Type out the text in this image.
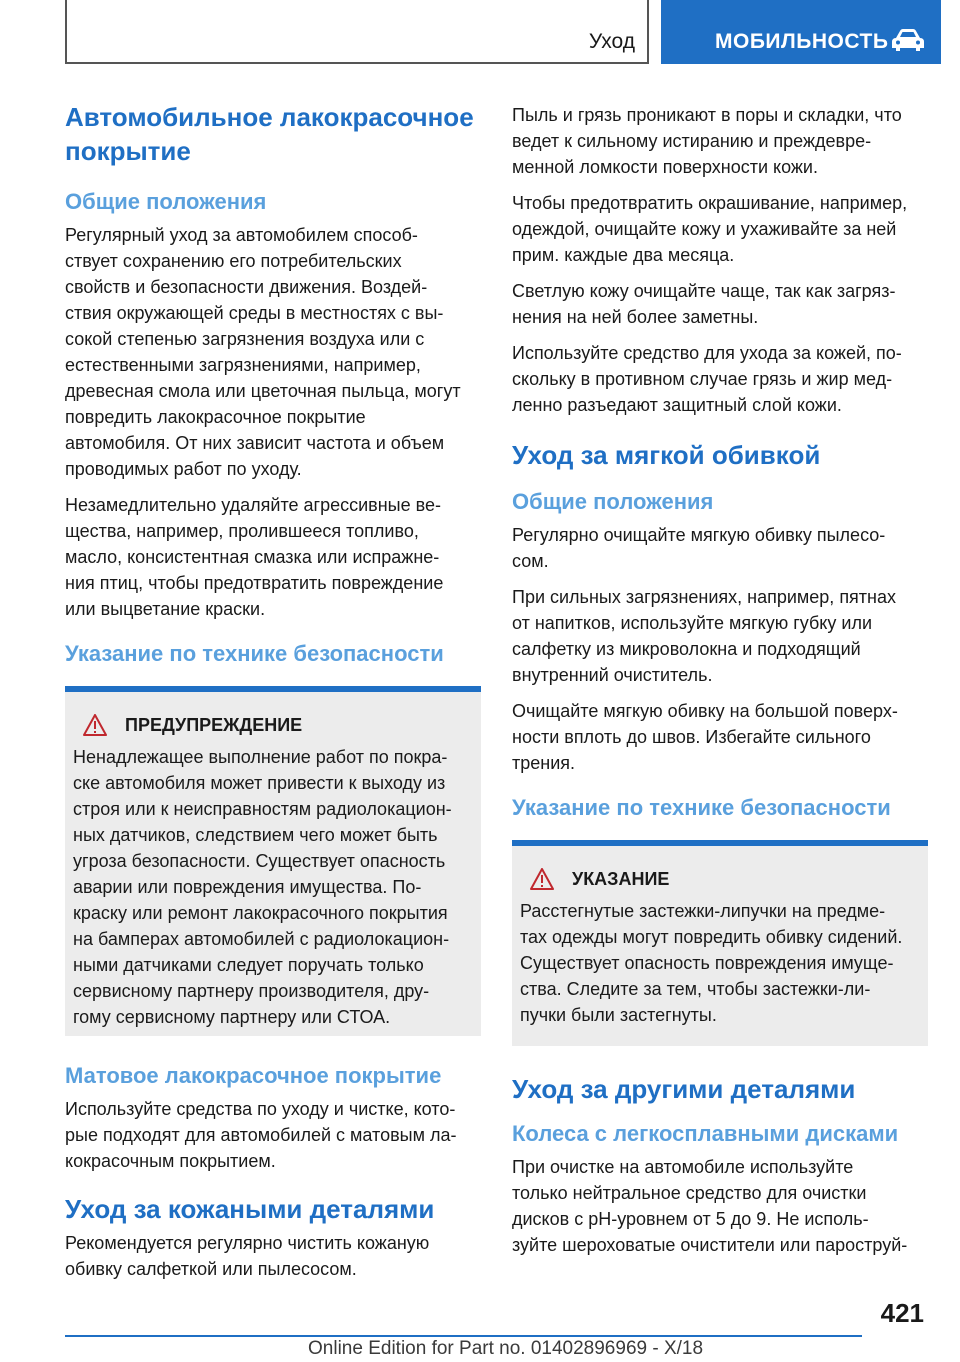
Уход	МОБИЛЬНОСТЬ
Автомобильное лакокрасочное
покрытие
Общие положения
Регулярный уход за автомобилем способ-
ствует сохранению его потребительских
свойств и безопасности движения. Воздей-
ствия окружающей среды в местностях с вы-
сокой степенью загрязнения воздуха или с
естественными загрязнениями, например,
древесная смола или цветочная пыльца, могут
повредить лакокрасочное покрытие
автомобиля. От них зависит частота и объем
проводимых работ по уходу.
Незамедлительно удаляйте агрессивные ве-
щества, например, пролившееся топливо,
масло, консистентная смазка или испражне-
ния птиц, чтобы предотвратить повреждение
или выцветание краски.
Указание по технике безопасности
ПРЕДУПРЕЖДЕНИЕ
Ненадлежащее выполнение работ по покра-
ске автомобиля может привести к выходу из
строя или к неисправностям радиолокацион-
ных датчиков, следствием чего может быть
угроза безопасности. Существует опасность
аварии или повреждения имущества. По-
краску или ремонт лакокрасочного покрытия
на бамперах автомобилей с радиолокацион-
ными датчиками следует поручать только
сервисному партнеру производителя, дру-
гому сервисному партнеру или СТОА.
Матовое лакокрасочное покрытие
Используйте средства по уходу и чистке, кото-
рые подходят для автомобилей с матовым ла-
кокрасочным покрытием.
Уход за кожаными деталями
Рекомендуется регулярно чистить кожаную
обивку салфеткой или пылесосом.
Пыль и грязь проникают в поры и складки, что
ведет к сильному истиранию и преждевре-
менной ломкости поверхности кожи.
Чтобы предотвратить окрашивание, например,
одеждой, очищайте кожу и ухаживайте за ней
прим. каждые два месяца.
Светлую кожу очищайте чаще, так как загряз-
нения на ней более заметны.
Используйте средство для ухода за кожей, по-
скольку в противном случае грязь и жир мед-
ленно разъедают защитный слой кожи.
Уход за мягкой обивкой
Общие положения
Регулярно очищайте мягкую обивку пылесо-
сом.
При сильных загрязнениях, например, пятнах
от напитков, используйте мягкую губку или
салфетку из микроволокна и подходящий
внутренний очиститель.
Очищайте мягкую обивку на большой поверх-
ности вплоть до швов. Избегайте сильного
трения.
Указание по технике безопасности
УКАЗАНИЕ
Расстегнутые застежки-липучки на предме-
тах одежды могут повредить обивку сидений.
Существует опасность повреждения имуще-
ства. Следите за тем, чтобы застежки-ли-
пучки были застегнуты.
Уход за другими деталями
Колеса с легкосплавными дисками
При очистке на автомобиле используйте
только нейтральное средство для очистки
дисков с pH-уровнем от 5 до 9. Не исполь-
зуйте шероховатые очистители или пароструй-
421
Online Edition for Part no. 01402896969 - X/18
